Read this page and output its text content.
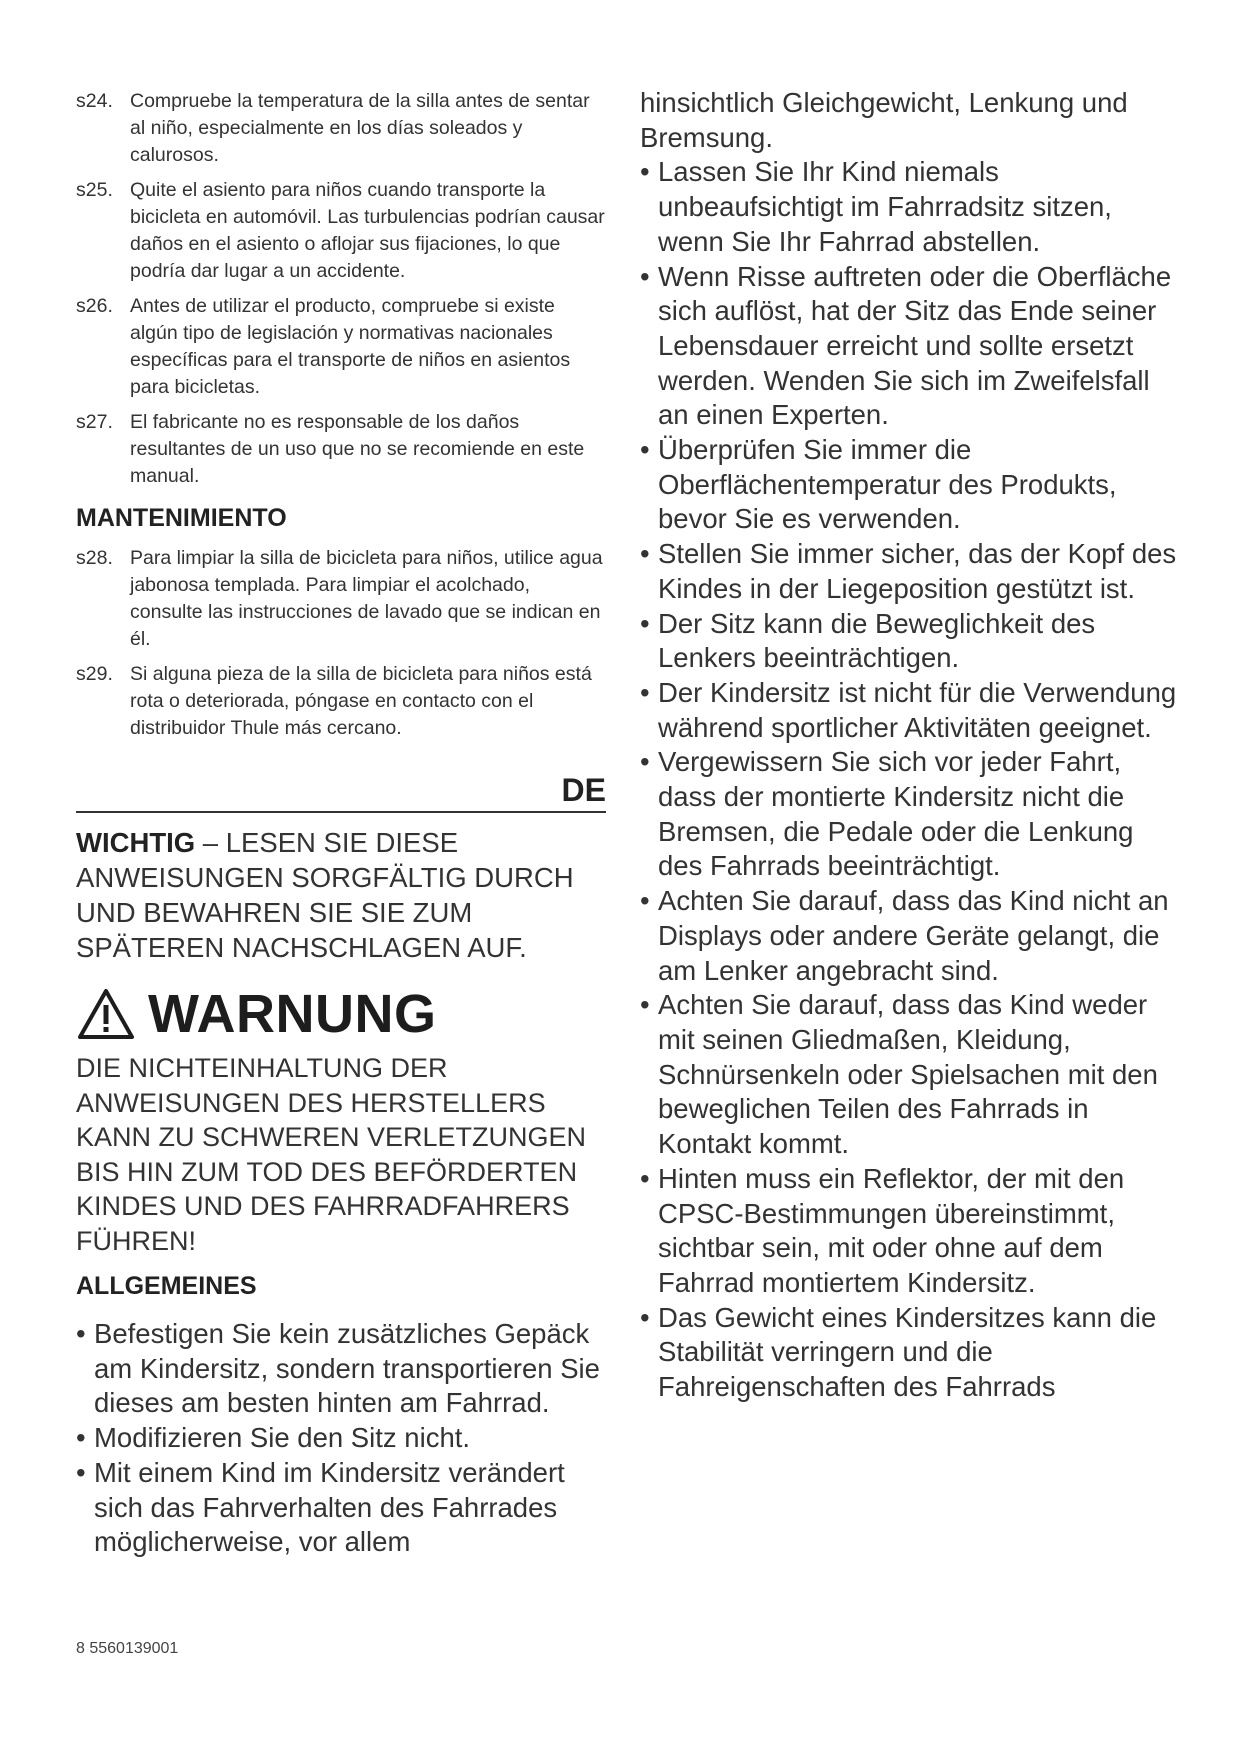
s24. Compruebe la temperatura de la silla antes de sentar al niño, especialmente en los días soleados y calurosos.
s25. Quite el asiento para niños cuando transporte la bicicleta en automóvil. Las turbulencias podrían causar daños en el asiento o aflojar sus fijaciones, lo que podría dar lugar a un accidente.
s26. Antes de utilizar el producto, compruebe si existe algún tipo de legislación y normativas nacionales específicas para el transporte de niños en asientos para bicicletas.
s27. El fabricante no es responsable de los daños resultantes de un uso que no se recomiende en este manual.
MANTENIMIENTO
s28. Para limpiar la silla de bicicleta para niños, utilice agua jabonosa templada. Para limpiar el acolchado, consulte las instrucciones de lavado que se indican en él.
s29. Si alguna pieza de la silla de bicicleta para niños está rota o deteriorada, póngase en contacto con el distribuidor Thule más cercano.
DE
WICHTIG – LESEN SIE DIESE ANWEISUNGEN SORGFÄLTIG DURCH UND BEWAHREN SIE SIE ZUM SPÄTEREN NACHSCHLAGEN AUF.
WARNUNG
DIE NICHTEINHALTUNG DER ANWEISUNGEN DES HERSTELLERS KANN ZU SCHWEREN VERLETZUNGEN BIS HIN ZUM TOD DES BEFÖRDERTEN KINDES UND DES FAHRRADFAHRERS FÜHREN!
ALLGEMEINES
• Befestigen Sie kein zusätzliches Gepäck am Kindersitz, sondern transportieren Sie dieses am besten hinten am Fahrrad.
• Modifizieren Sie den Sitz nicht.
• Mit einem Kind im Kindersitz verändert sich das Fahrverhalten des Fahrrades möglicherweise, vor allem
hinsichtlich Gleichgewicht, Lenkung und Bremsung.
• Lassen Sie Ihr Kind niemals unbeaufsichtigt im Fahrradsitz sitzen, wenn Sie Ihr Fahrrad abstellen.
• Wenn Risse auftreten oder die Oberfläche sich auflöst, hat der Sitz das Ende seiner Lebensdauer erreicht und sollte ersetzt werden. Wenden Sie sich im Zweifelsfall an einen Experten.
• Überprüfen Sie immer die Oberflächentemperatur des Produkts, bevor Sie es verwenden.
• Stellen Sie immer sicher, das der Kopf des Kindes in der Liegeposition gestützt ist.
• Der Sitz kann die Beweglichkeit des Lenkers beeinträchtigen.
• Der Kindersitz ist nicht für die Verwendung während sportlicher Aktivitäten geeignet.
• Vergewissern Sie sich vor jeder Fahrt, dass der montierte Kindersitz nicht die Bremsen, die Pedale oder die Lenkung des Fahrrads beeinträchtigt.
• Achten Sie darauf, dass das Kind nicht an Displays oder andere Geräte gelangt, die am Lenker angebracht sind.
• Achten Sie darauf, dass das Kind weder mit seinen Gliedmaßen, Kleidung, Schnürsenkeln oder Spielsachen mit den beweglichen Teilen des Fahrrads in Kontakt kommt.
• Hinten muss ein Reflektor, der mit den CPSC-Bestimmungen übereinstimmt, sichtbar sein, mit oder ohne auf dem Fahrrad montiertem Kindersitz.
• Das Gewicht eines Kindersitzes kann die Stabilität verringern und die Fahreigenschaften des Fahrrads
8 5560139001
